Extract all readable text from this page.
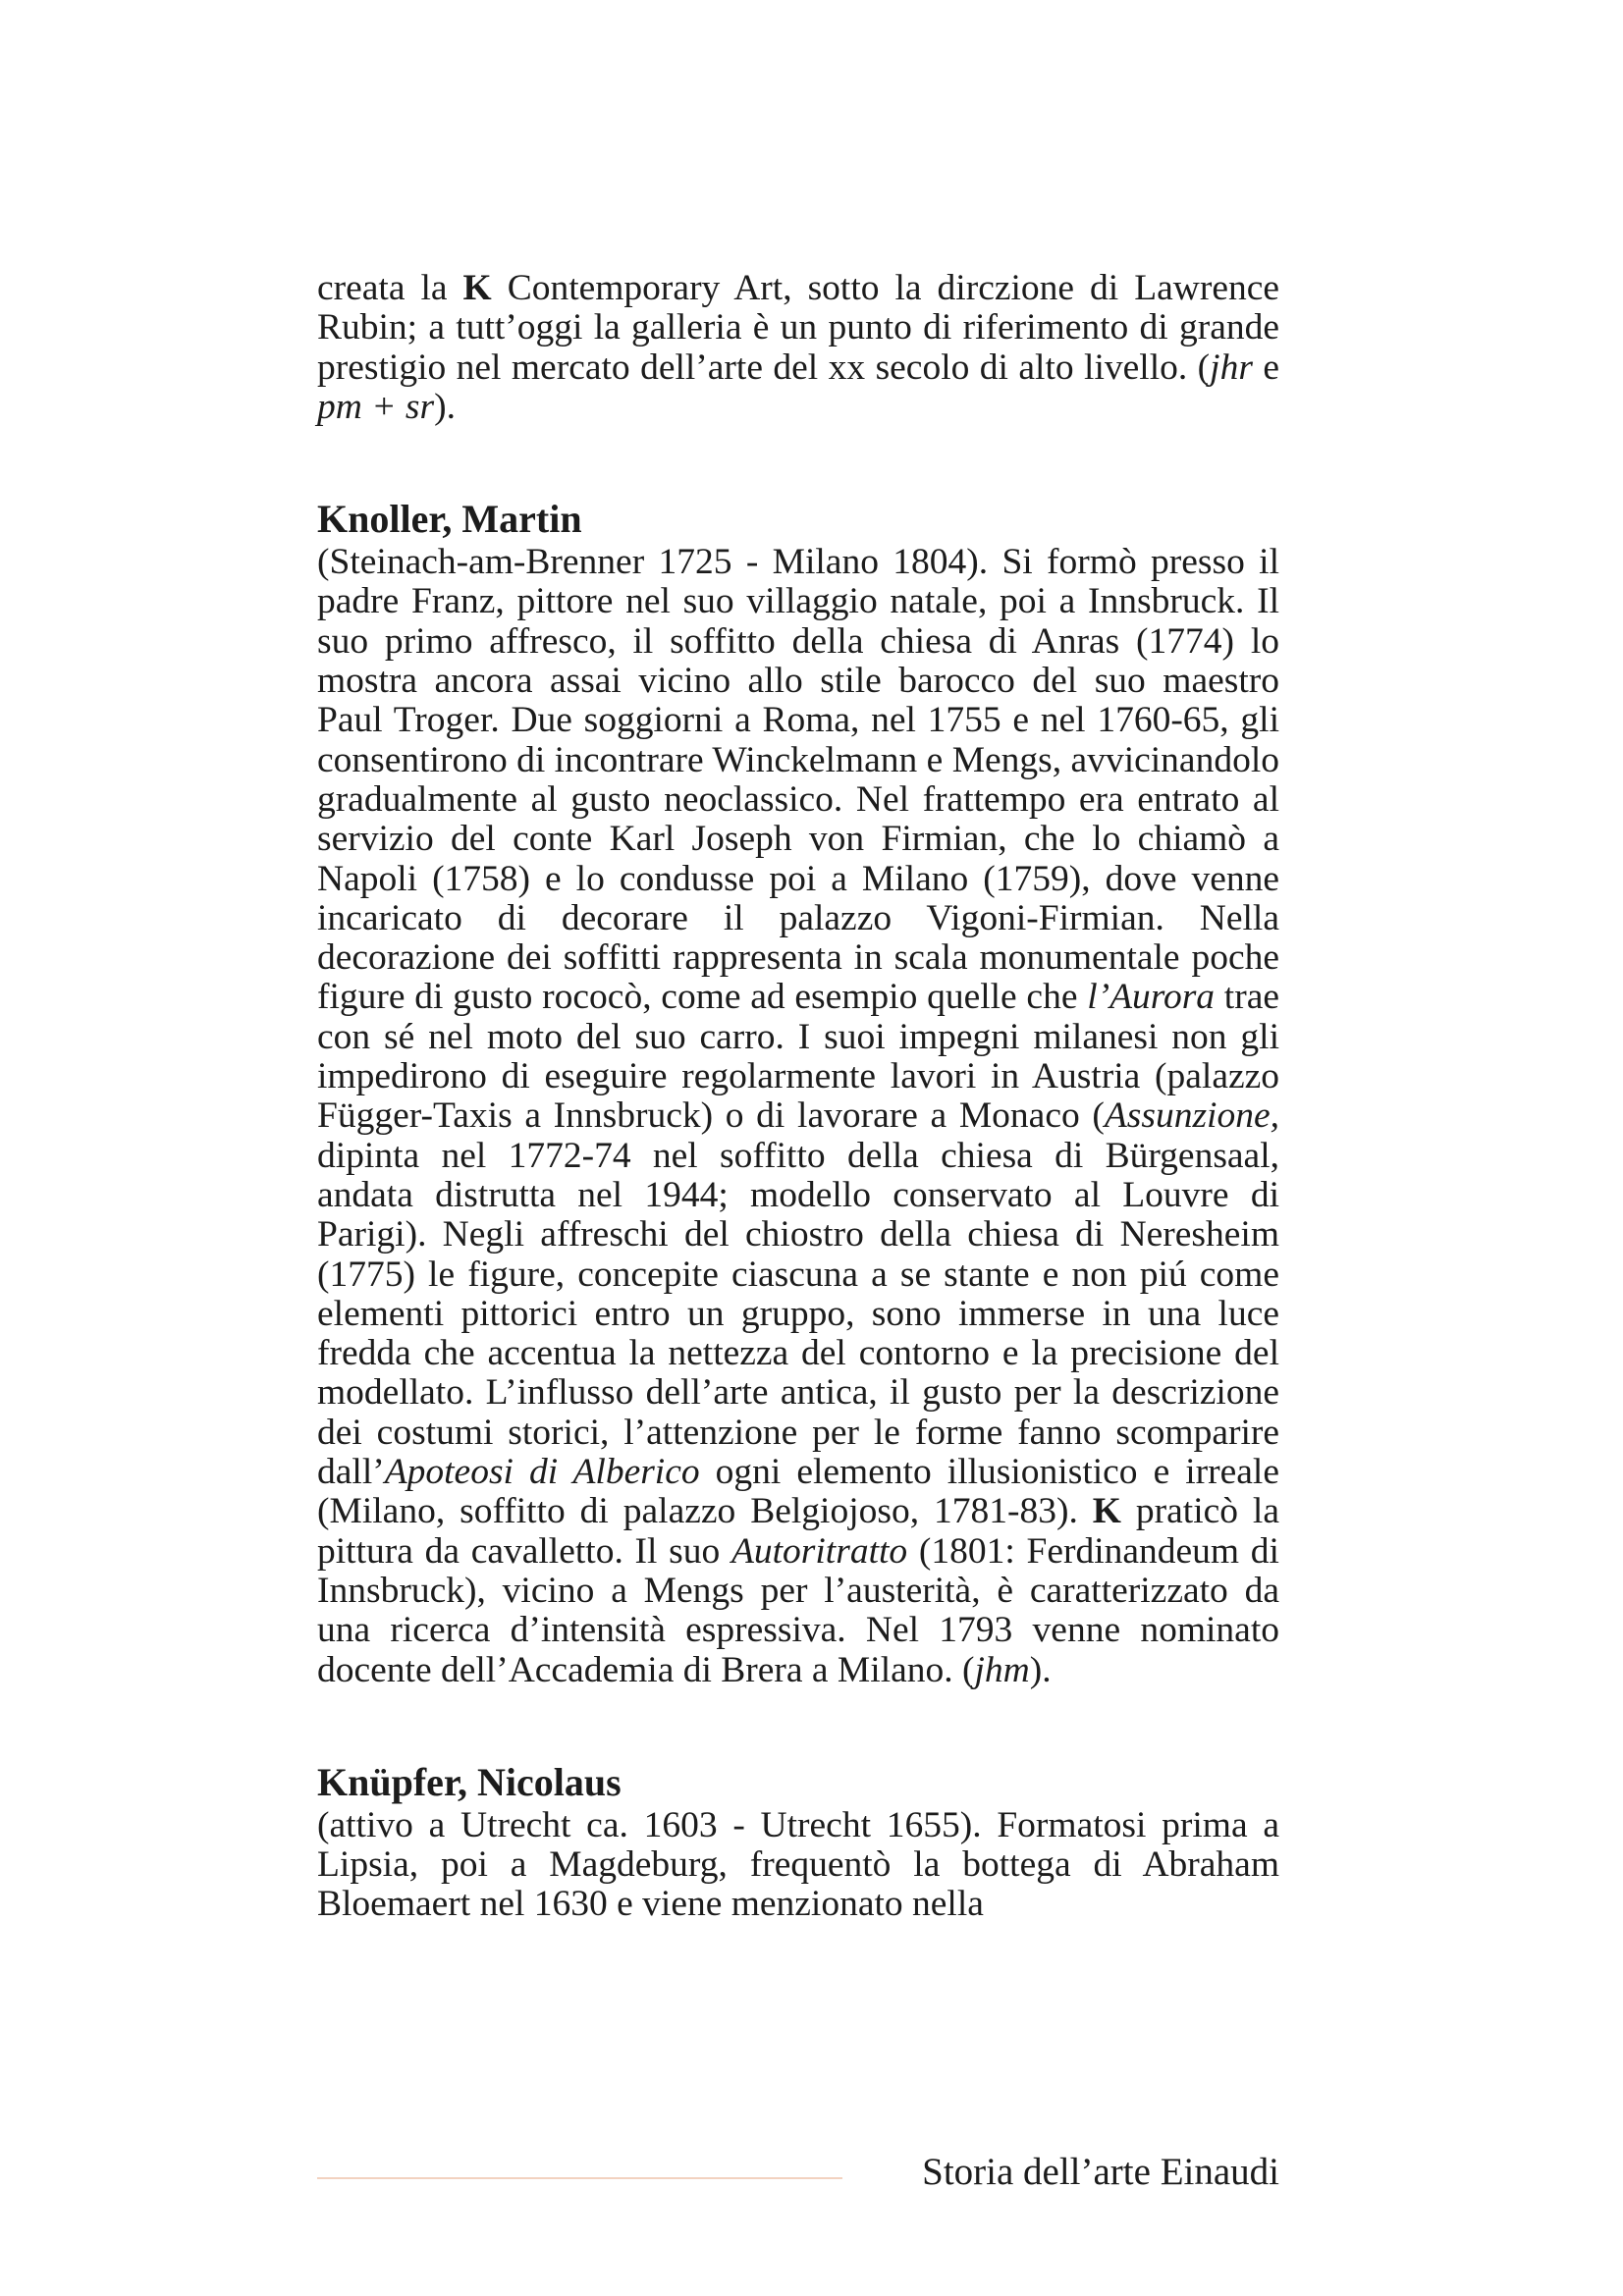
creata la K Contemporary Art, sotto la dirczione di Lawrence Rubin; a tutt’oggi la galleria è un punto di riferimento di grande prestigio nel mercato dell’arte del xx secolo di alto livello. (jhr e pm + sr).

Knoller, Martin

(Steinach-am-Brenner 1725 - Milano 1804). Si formò presso il padre Franz, pittore nel suo villaggio natale, poi a Innsbruck. Il suo primo affresco, il soffitto della chiesa di Anras (1774) lo mostra ancora assai vicino allo stile barocco del suo maestro Paul Troger. Due soggiorni a Roma, nel 1755 e nel 1760-65, gli consentirono di incontrare Winckelmann e Mengs, avvicinandolo gradualmente al gusto neoclassico. Nel frattempo era entrato al servizio del conte Karl Joseph von Firmian, che lo chiamò a Napoli (1758) e lo condusse poi a Milano (1759), dove venne incaricato di decorare il palazzo Vigoni-Firmian. Nella decorazione dei soffitti rappresenta in scala monumentale poche figure di gusto rococò, come ad esempio quelle che l’Aurora trae con sé nel moto del suo carro. I suoi impegni milanesi non gli impedirono di eseguire regolarmente lavori in Austria (palazzo Függer-Taxis a Innsbruck) o di lavorare a Monaco (Assunzione, dipinta nel 1772-74 nel soffitto della chiesa di Bürgensaal, andata distrutta nel 1944; modello conservato al Louvre di Parigi). Negli affreschi del chiostro della chiesa di Neresheim (1775) le figure, concepite ciascuna a se stante e non piú come elementi pittorici entro un gruppo, sono immerse in una luce fredda che accentua la nettezza del contorno e la precisione del modellato. L’influsso dell’arte antica, il gusto per la descrizione dei costumi storici, l’attenzione per le forme fanno scomparire dall’Apoteosi di Alberico ogni elemento illusionistico e irreale (Milano, soffitto di palazzo Belgiojoso, 1781-83). K praticò la pittura da cavalletto. Il suo Autoritratto (1801: Ferdinandeum di Innsbruck), vicino a Mengs per l’austerità, è caratterizzato da una ricerca d’intensità espressiva. Nel 1793 venne nominato docente dell’Accademia di Brera a Milano. (jhm).

Knüpfer, Nicolaus

(attivo a Utrecht ca. 1603 - Utrecht 1655). Formatosi prima a Lipsia, poi a Magdeburg, frequentò la bottega di Abraham Bloemaert nel 1630 e viene menzionato nella

Storia dell’arte Einaudi
